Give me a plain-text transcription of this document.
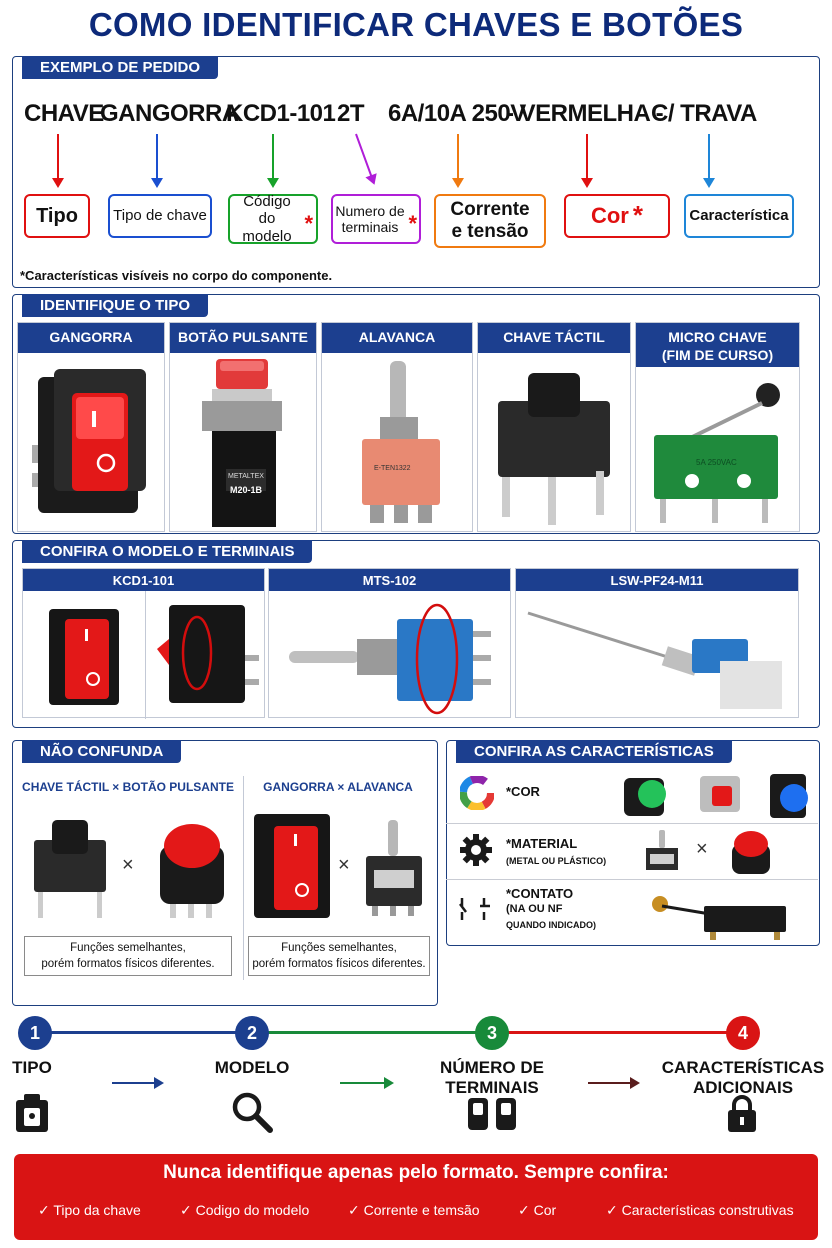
COMO IDENTIFICAR CHAVES E BOTÕES
EXEMPLO DE PEDIDO
CHAVE
GANGORRA
KCD1-101 2T 6A/10A 250V
- VERMELHA -
C/ TRAVA
Tipo Tipo de chave
Código do modelo
* Numero de terminais *
Corrente e tensão
Cor *	Característica
*Características visíveis no corpo do componente.
IDENTIFIQUE O TIPO
GANGORRA	BOTÃO PULSANTE
METALTEX
M20-1B
ALAVANCA
E-TEN1322
CHAVE TÁCTIL	MICRO CHAVE
(FIM DE CURSO)
5A 250VAC
CONFIRA O MODELO E TERMINAIS
KCD1-101	MTS-102	LSW-PF24-M11
NÃO CONFUNDA
CHAVE TÁCTIL × BOTÃO PULSANTE	GANGORRA × ALAVANCA
×	×
Funções semelhantes,
porém formatos físicos diferentes.
Funções semelhantes,
porém formatos físicos diferentes.
CONFIRA AS CARACTERÍSTICAS
*COR
*MATERIAL
(METAL OU PLÁSTICO)
×
*CONTATO
(NA OU NF
QUANDO INDICADO)
1	2	3	4
TIPO	MODELO	NÚMERO DE
TERMINAIS
CARACTERÍSTICAS
ADICIONAIS
Nunca identifique apenas pelo formato. Sempre confira:
✓ Tipo da chave	✓ Codigo do modelo	✓ Corrente e temsão	✓ Cor	✓ Características construtivas
